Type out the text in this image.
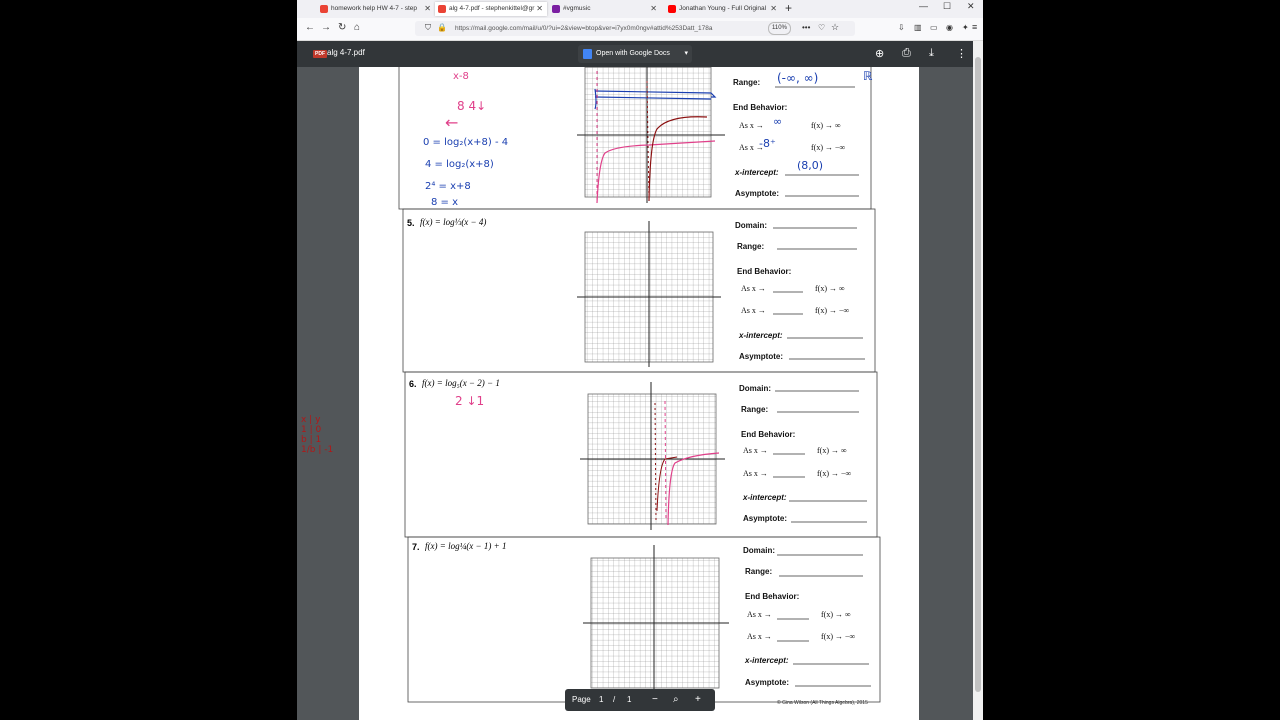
homework help HW 4-7 - step ✕	alg 4-7.pdf - stephenkittel@gr ✕	#vgmusic	✕	Jonathan Young - Full Original ✕ +	— ☐ ✕
← → ↻ ⌂	https://mail.google.com/mail/u/0/?ui=2&view=btop&ver=i7yx0m0ngv#attid%253Datt_178a
⛉ 🔒	110%	••• ♡ ☆	⇩ ▥ ▭ ◉ ✦ ≡
5. f(x) = log⅓(x − 4)
6. f(x) = log₅(x − 2) − 1
7. f(x) = log¼(x − 1) + 1
Range:
End Behavior:
As x →	f(x) → ∞
As x →	f(x) → −∞
x-intercept:
Asymptote:
Domain:
Range:
End Behavior:
As x →	f(x) → ∞
As x →	f(x) → −∞
x-intercept:
Asymptote:
Domain:
Range:
End Behavior:
As x →	f(x) → ∞
As x →	f(x) → −∞
x-intercept:
Asymptote:
Domain:
Range:
End Behavior:
As x →	f(x) → ∞
As x →	f(x) → −∞
x-intercept:
Asymptote:
© Gina Wilson (All Things Algebra), 2015
(-∞, ∞)	ℝ
∞
-8⁺
(8,0)
x-8
8 4↓
←
0 = log₂(x+8) - 4
4 = log₂(x+8)
2⁴ = x+8
8 = x
2 ↓1
x | y
1 | 0
b | 1
1/b | -1
PDF alg 4-7.pdf	Open with Google Docs ▾	⊕ ⎙ ⤓ ⋮
Page 1 / 1 − ⌕ +
